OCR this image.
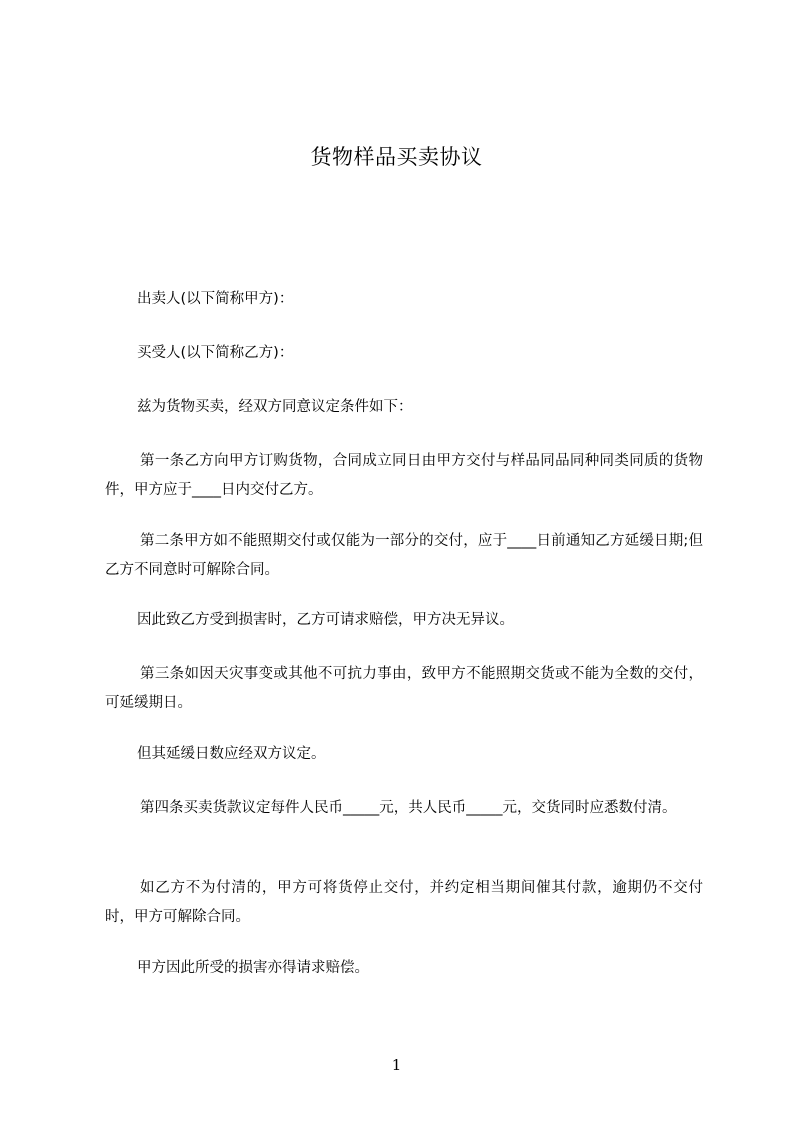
货物样品买卖协议

出卖人(以下简称甲方)：

买受人(以下简称乙方)：

兹为货物买卖，经双方同意议定条件如下：

第一条乙方向甲方订购货物，合同成立同日由甲方交付与样品同品同种同类同质的货物件，甲方应于____日内交付乙方。

第二条甲方如不能照期交付或仅能为一部分的交付，应于____日前通知乙方延缓日期;但乙方不同意时可解除合同。

因此致乙方受到损害时，乙方可请求赔偿，甲方决无异议。

第三条如因天灾事变或其他不可抗力事由，致甲方不能照期交货或不能为全数的交付，可延缓期日。

但其延缓日数应经双方议定。

第四条买卖货款议定每件人民币_____元，共人民币_____元，交货同时应悉数付清。

如乙方不为付清的，甲方可将货停止交付，并约定相当期间催其付款，逾期仍不交付时，甲方可解除合同。

甲方因此所受的损害亦得请求赔偿。

1
